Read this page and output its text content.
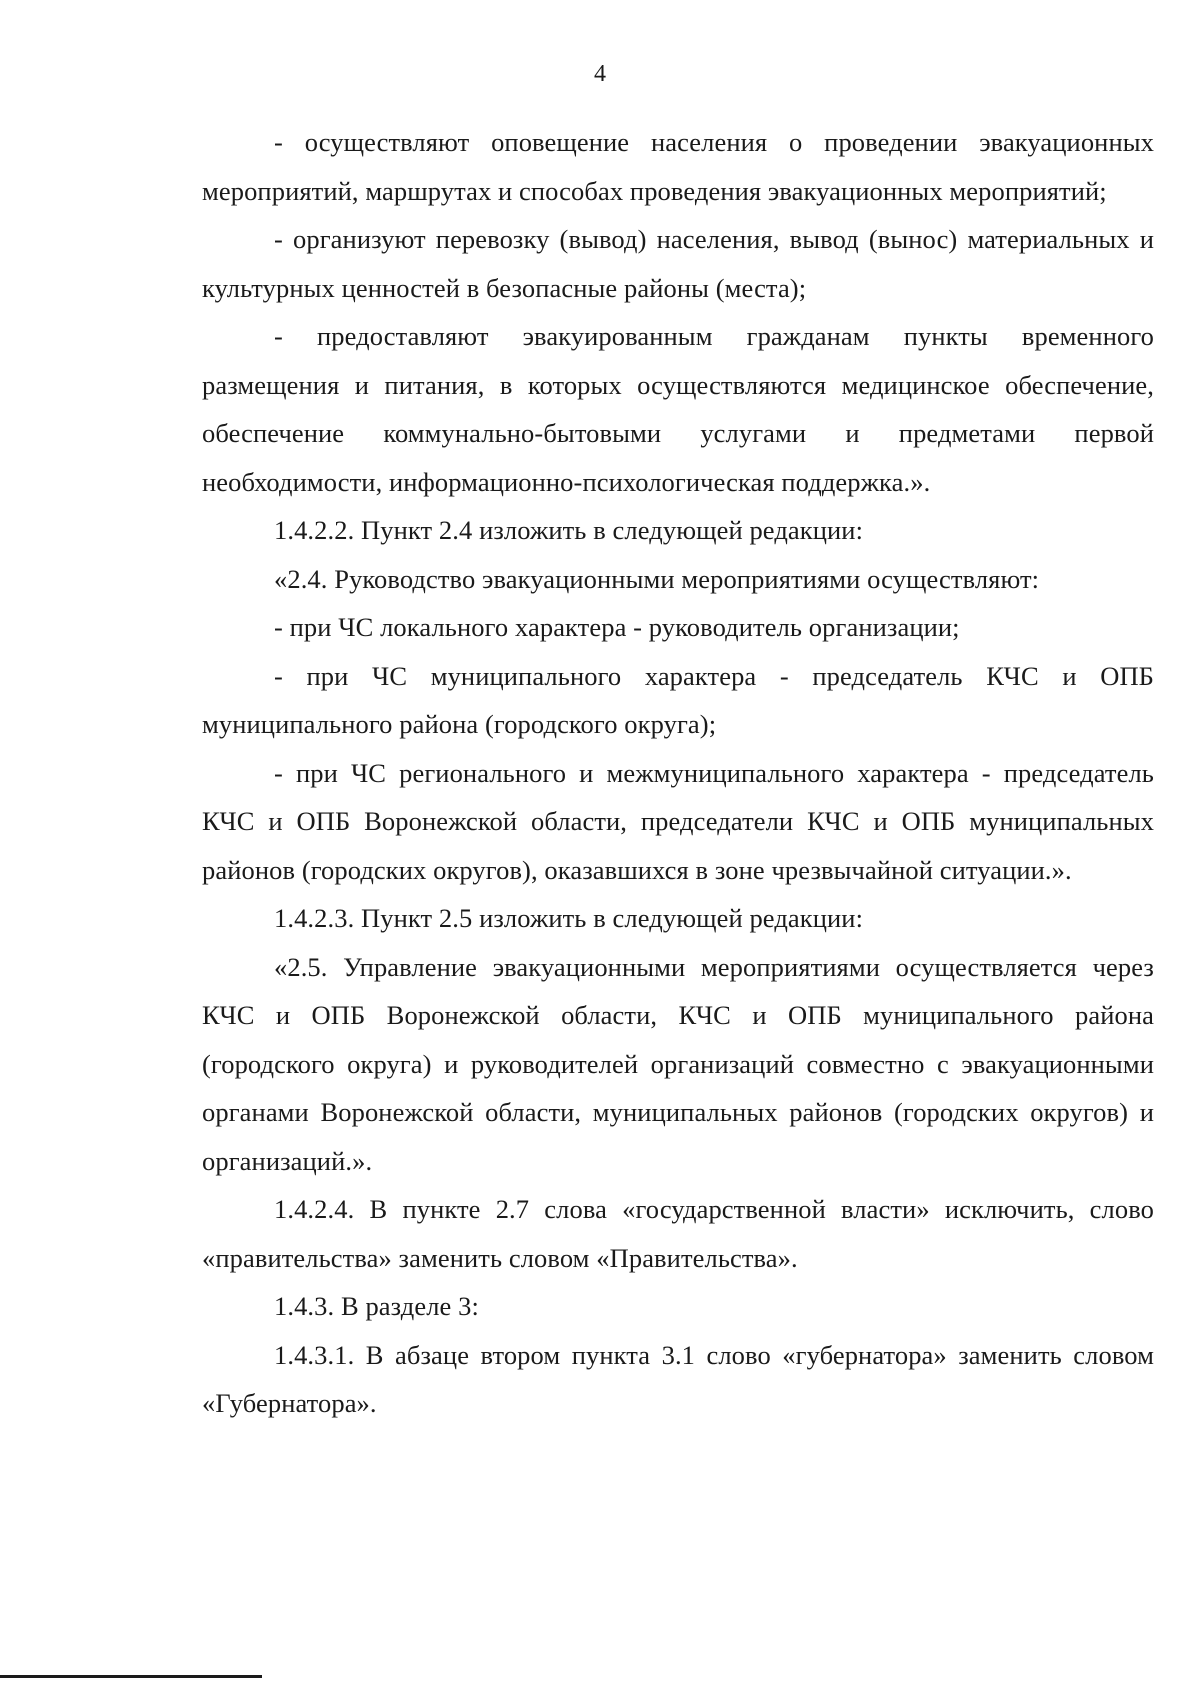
4

- осуществляют оповещение населения о проведении эвакуационных мероприятий, маршрутах и способах проведения эвакуационных мероприятий;

- организуют перевозку (вывод) населения, вывод (вынос) материальных и культурных ценностей в безопасные районы (места);

- предоставляют эвакуированным гражданам пункты временного размещения и питания, в которых осуществляются медицинское обеспечение, обеспечение коммунально-бытовыми услугами и предметами первой необходимости, информационно-психологическая поддержка.».

1.4.2.2. Пункт 2.4 изложить в следующей редакции:

«2.4. Руководство эвакуационными мероприятиями осуществляют:

- при ЧС локального характера - руководитель организации;

- при ЧС муниципального характера - председатель КЧС и ОПБ муниципального района (городского округа);

- при ЧС регионального и межмуниципального характера - председатель КЧС и ОПБ Воронежской области, председатели КЧС и ОПБ муниципальных районов (городских округов), оказавшихся в зоне чрезвычайной ситуации.».

1.4.2.3. Пункт 2.5 изложить в следующей редакции:

«2.5. Управление эвакуационными мероприятиями осуществляется через КЧС и ОПБ Воронежской области, КЧС и ОПБ муниципального района (городского округа) и руководителей организаций совместно с эвакуационными органами Воронежской области, муниципальных районов (городских округов) и организаций.».

1.4.2.4. В пункте 2.7 слова «государственной власти» исключить, слово «правительства» заменить словом «Правительства».

1.4.3. В разделе 3:

1.4.3.1. В абзаце втором пункта 3.1 слово «губернатора» заменить словом «Губернатора».
